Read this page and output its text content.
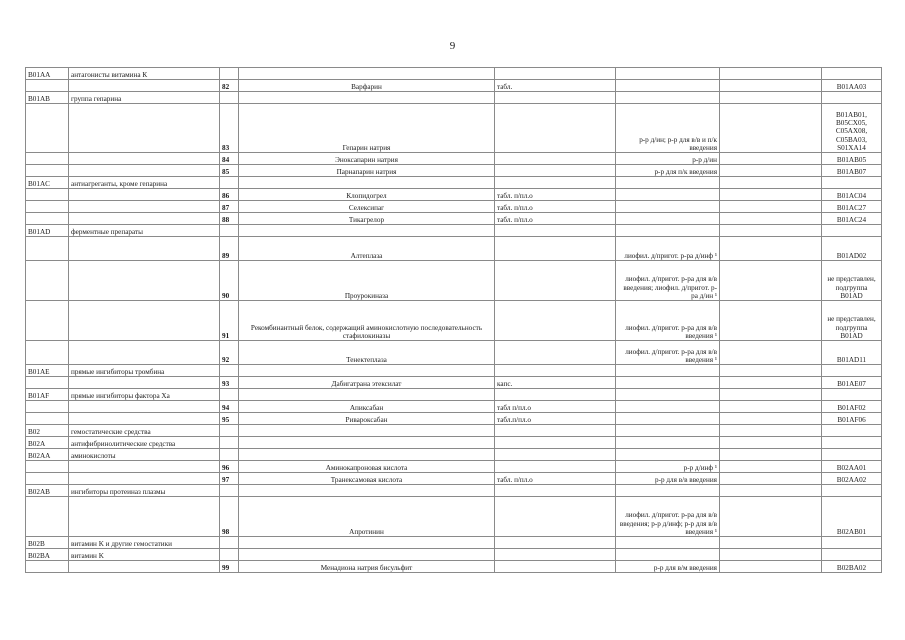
9
B01AA	антагонисты витамина К						
		82	Варфарин	табл.			B01AA03
B01AB	группа гепарина						
		83	Гепарин натрия		р-р д/ин; р-р для в/в и п/к введения		B01AB01, B05CX05, C05AX08, C05BA03, S01XA14
		84	Эноксапарин натрия		р-р д/ин		B01AB05
		85	Парнапарин натрия		р-р для п/к введения		B01AB07
B01AC	антиагреганты, кроме гепарина						
		86	Клопидогрел	табл. п/пл.о			B01AC04
		87	Селексипаг	табл. п/пл.о			B01AC27
		88	Тикагрелор	табл. п/пл.о			B01AC24
B01AD	ферментные препараты						
		89	Алтеплаза		лиофил. д/пригот. р-ра д/инф ¹		B01AD02
		90	Проурокиназа		лиофил. д/пригот. р-ра для в/в введения; лиофил. д/пригот. р-ра д/ин ¹		не представлен, подгруппа B01AD
		91	Рекомбинантный белок, содержащий аминокислотную последовательность стафилокиназы		лиофил. д/пригот. р-ра для в/в введения ¹		не представлен, подгруппа B01AD
		92	Тенектеплаза		лиофил. д/пригот. р-ра для в/в введения ¹		B01AD11
B01AE	прямые ингибиторы тромбина						
		93	Дабигатрана этексилат	капс.			B01AE07
B01AF	прямые ингибиторы фактора Xa						
		94	Апиксабан	табл п/пл.о			B01AF02
		95	Ривароксабан	табл.п/пл.о			B01AF06
B02	гемостатические средства						
B02A	антифибринолитические средства						
B02AA	аминокислоты						
		96	Аминокапроновая кислота		р-р д/инф ¹		B02AA01
		97	Транексамовая кислота	табл. п/пл.о	р-р для в/в введения		B02AA02
B02AB	ингибиторы протеиназ плазмы						
		98	Апротинин		лиофил. д/пригот. р-ра для в/в введения; р-р д/инф; р-р для в/в введения ¹		B02AB01
B02B	витамин K и другие гемостатики						
B02BA	витамин K						
		99	Менадиона натрия бисульфит		р-р для в/м введения		B02BA02
